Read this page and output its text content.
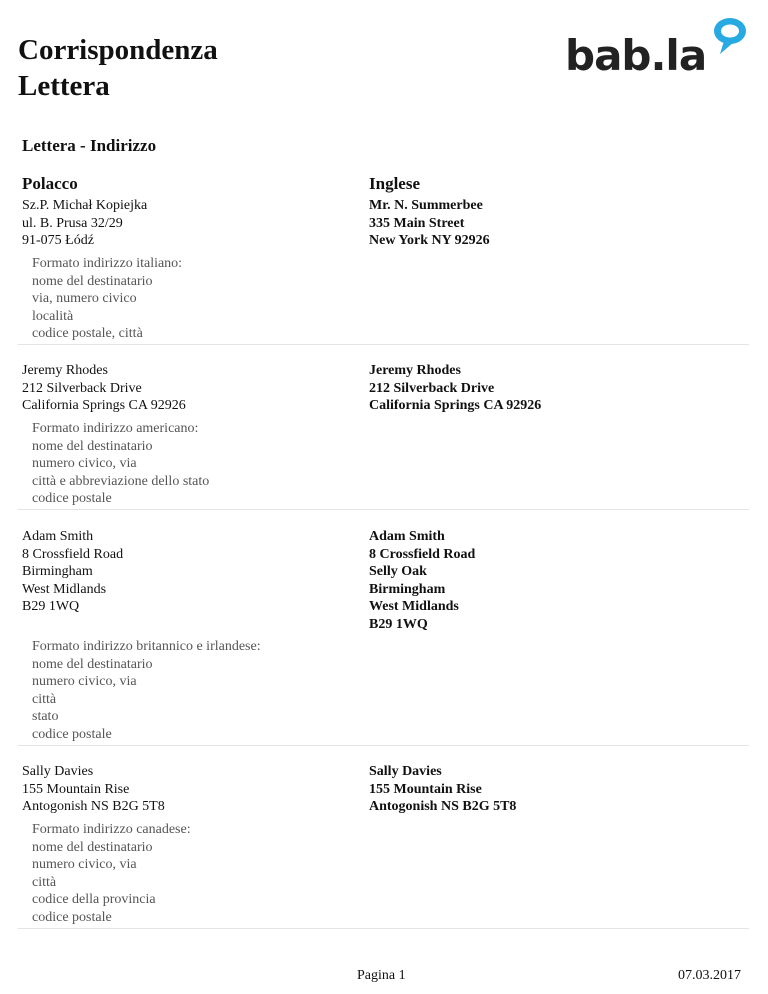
Corrispondenza
Lettera
bab.la
Lettera - Indirizzo
Polacco	Inglese
Sz.P. Michał Kopiejka
ul. B. Prusa 32/29
91-075 Łódź
Mr. N. Summerbee
335 Main Street
New York NY 92926
Formato indirizzo italiano:
nome del destinatario
via, numero civico
località
codice postale, città
Jeremy Rhodes
212 Silverback Drive
California Springs CA 92926
Jeremy Rhodes
212 Silverback Drive
California Springs CA 92926
Formato indirizzo americano:
nome del destinatario
numero civico, via
città e abbreviazione dello stato
codice postale
Adam Smith
8 Crossfield Road
Birmingham
West Midlands
B29 1WQ
Adam Smith
8 Crossfield Road
Selly Oak
Birmingham
West Midlands
B29 1WQ
Formato indirizzo britannico e irlandese:
nome del destinatario
numero civico, via
città
stato
codice postale
Sally Davies
155 Mountain Rise
Antogonish NS B2G 5T8
Sally Davies
155 Mountain Rise
Antogonish NS B2G 5T8
Formato indirizzo canadese:
nome del destinatario
numero civico, via
città
codice della provincia
codice postale
Pagina 1	07.03.2017
